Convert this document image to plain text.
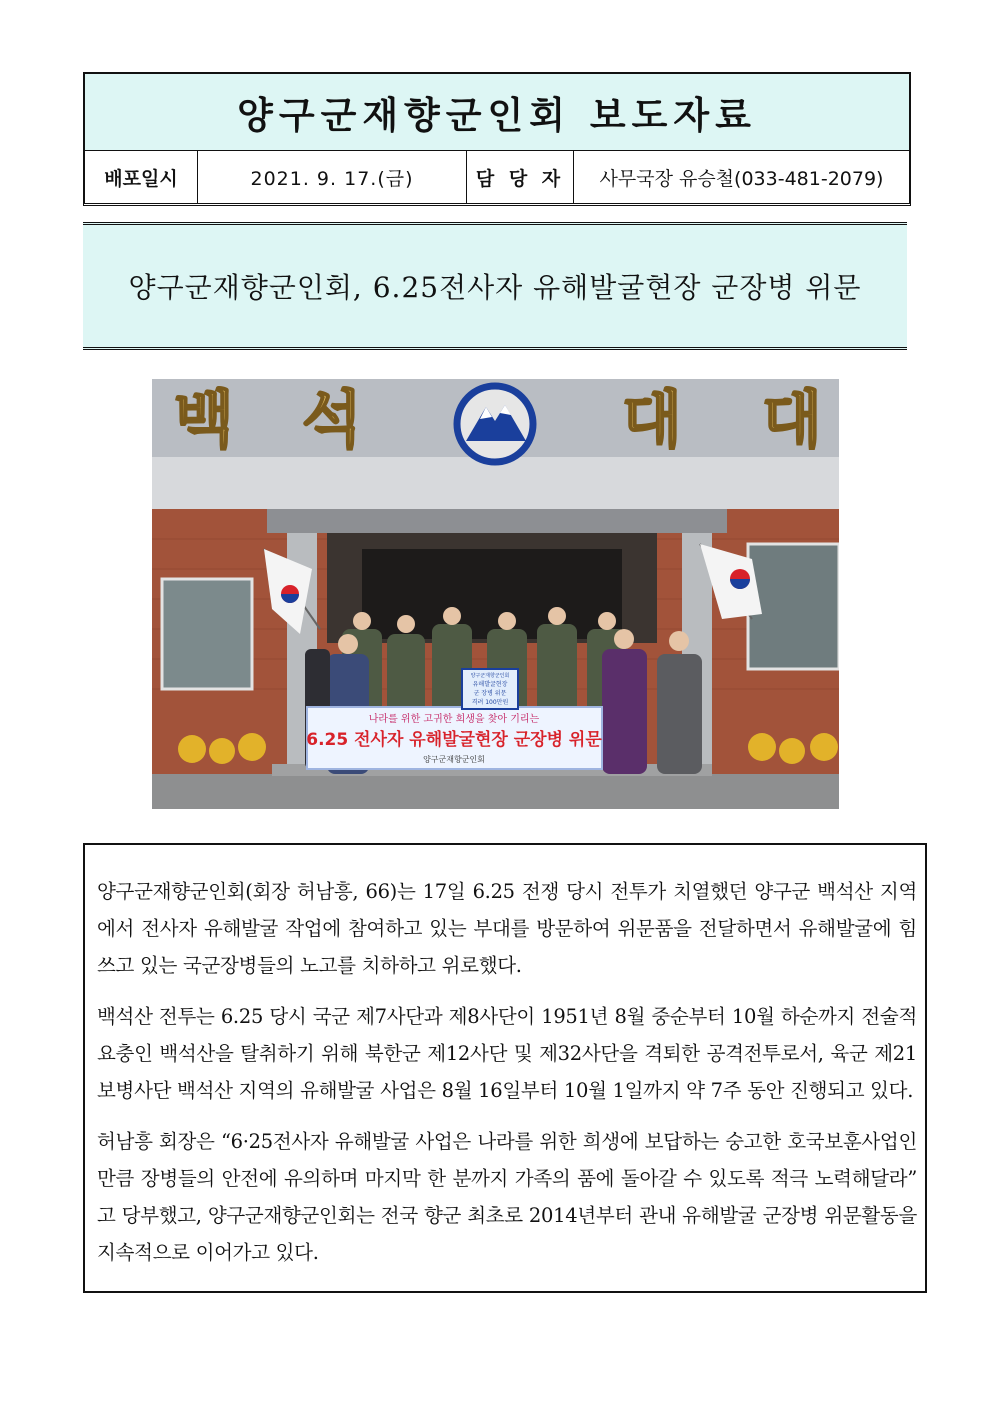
양구군재향군인회 보도자료
배포일시	2021. 9. 17.(금)	담 당 자	사무국장 유승철(033-481-2079)
양구군재향군인회, 6.25전사자 유해발굴현장 군장병 위문
백 석	대 대
나라를 위한 고귀한 희생을 찾아 기리는
6.25 전사자 유해발굴현장 군장병 위문
양구군재향군인회
양구군재향군인회
유해발굴현장
군 장병 위문
격려 100만원

양구군재향군인회(회장 허남흥, 66)는 17일 6.25 전쟁 당시 전투가 치열했던 양구군 백석산 지역에서 전사자 유해발굴 작업에 참여하고 있는 부대를 방문하여 위문품을 전달하면서 유해발굴에 힘쓰고 있는 국군장병들의 노고를 치하하고 위로했다.

백석산 전투는 6.25 당시 국군 제7사단과 제8사단이 1951년 8월 중순부터 10월 하순까지 전술적 요충인 백석산을 탈취하기 위해 북한군 제12사단 및 제32사단을 격퇴한 공격전투로서, 육군 제21보병사단 백석산 지역의 유해발굴 사업은 8월 16일부터 10월 1일까지 약 7주 동안 진행되고 있다.

허남흥 회장은 “6·25전사자 유해발굴 사업은 나라를 위한 희생에 보답하는 숭고한 호국보훈사업인 만큼 장병들의 안전에 유의하며 마지막 한 분까지 가족의 품에 돌아갈 수 있도록 적극 노력해달라” 고 당부했고, 양구군재향군인회는 전국 향군 최초로 2014년부터 관내 유해발굴 군장병 위문활동을 지속적으로 이어가고 있다.
